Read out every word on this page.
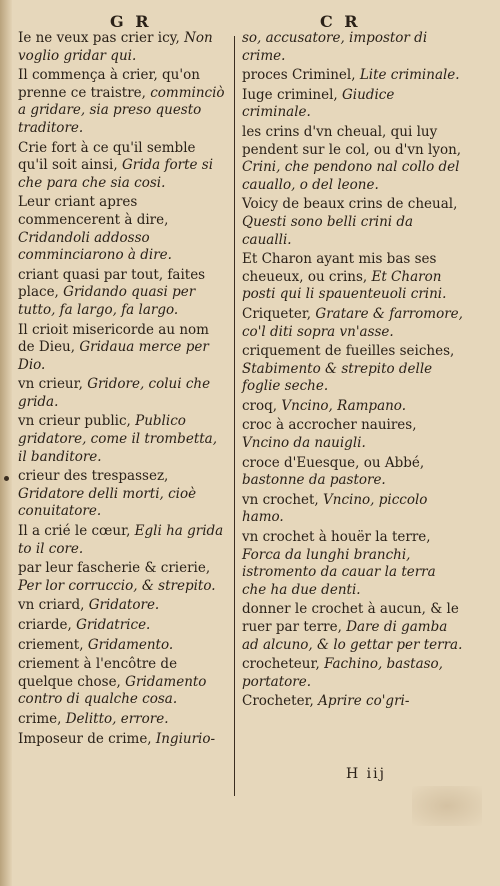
G R	C R
Ie ne veux pas crier icy, Non voglio gridar qui.
Il commença à crier, qu'on prenne ce traistre, comminciò a gridare, sia preso questo traditore.
Crie fort à ce qu'il semble qu'il soit ainsi, Grida forte si che para che sia cosi.
Leur criant apres commencerent à dire, Cridandoli addosso comminciarono à dire.
criant quasi par tout, faites place, Gridando quasi per tutto, fa largo, fa largo.
Il crioit misericorde au nom de Dieu, Gridaua merce per Dio.
vn crieur, Gridore, colui che grida.
vn crieur public, Publico gridatore, come il trombetta, il banditore.
crieur des trespassez, Gridatore delli morti, cioè conuitatore.
Il a crié le cœur, Egli ha grida to il core.
par leur fascherie & crierie, Per lor corruccio, & strepito.
vn criard, Gridatore.
criarde, Gridatrice.
criement, Gridamento.
criement à l'encôtre de quelque chose, Gridamento contro di qualche cosa.
crime, Delitto, errore.
Imposeur de crime, Ingiurio-
so, accusatore, impostor di crime.
proces Criminel, Lite criminale.
Iuge criminel, Giudice criminale.
les crins d'vn cheual, qui luy pendent sur le col, ou d'vn lyon, Crini, che pendono nal collo del cauallo, o del leone.
Voicy de beaux crins de cheual, Questi sono belli crini da caualli.
Et Charon ayant mis bas ses cheueux, ou crins, Et Charon posti qui li spauenteuoli crini.
Criqueter, Gratare & farromore, co'l diti sopra vn'asse.
criquement de fueilles seiches, Stabimento & strepito delle foglie seche.
croq, Vncino, Rampano.
croc à accrocher nauires, Vncino da nauigli.
croce d'Euesque, ou Abbé, bastonne da pastore.
vn crochet, Vncino, piccolo hamo.
vn crochet à houër la terre, Forca da lunghi branchi, istromento da cauar la terra che ha due denti.
donner le crochet à aucun, & le ruer par terre, Dare di gamba ad alcuno, & lo gettar per terra.
crocheteur, Fachino, bastaso, portatore.
Crocheter, Aprire co'gri-
H iij
